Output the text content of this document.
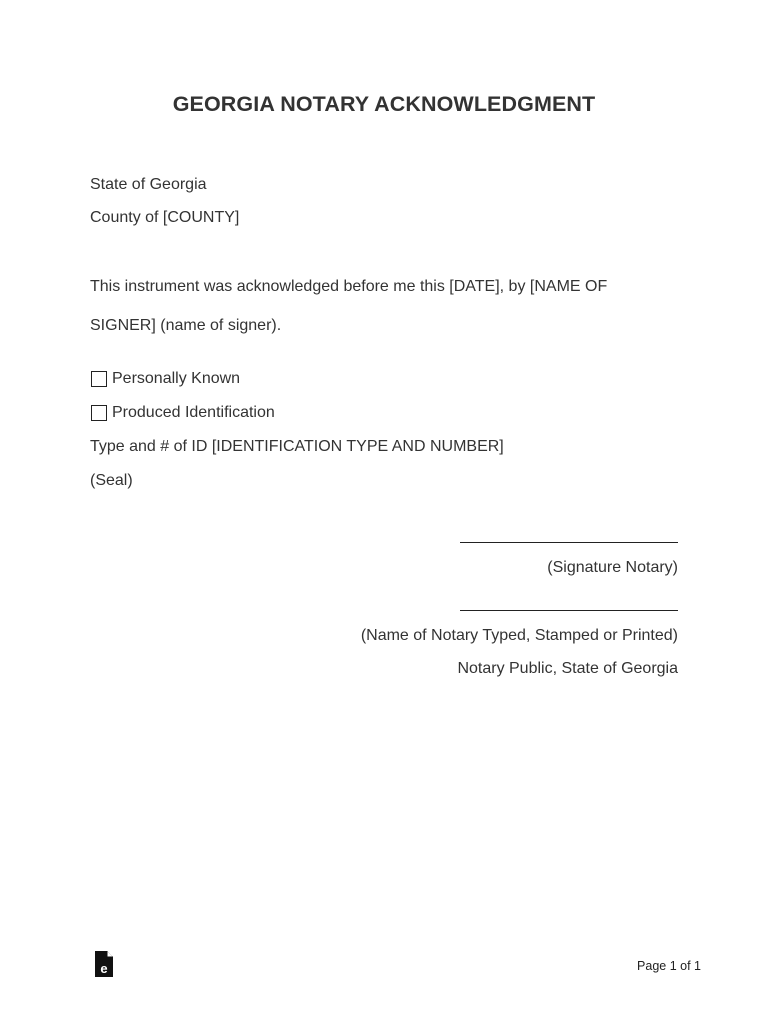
GEORGIA NOTARY ACKNOWLEDGMENT
State of Georgia
County of [COUNTY]
This instrument was acknowledged before me this [DATE], by [NAME OF
SIGNER] (name of signer).
Personally Known
Produced Identification
Type and # of ID [IDENTIFICATION TYPE AND NUMBER]
(Seal)
(Signature Notary)
(Name of Notary Typed, Stamped or Printed)
Notary Public, State of Georgia
e	Page 1 of 1
